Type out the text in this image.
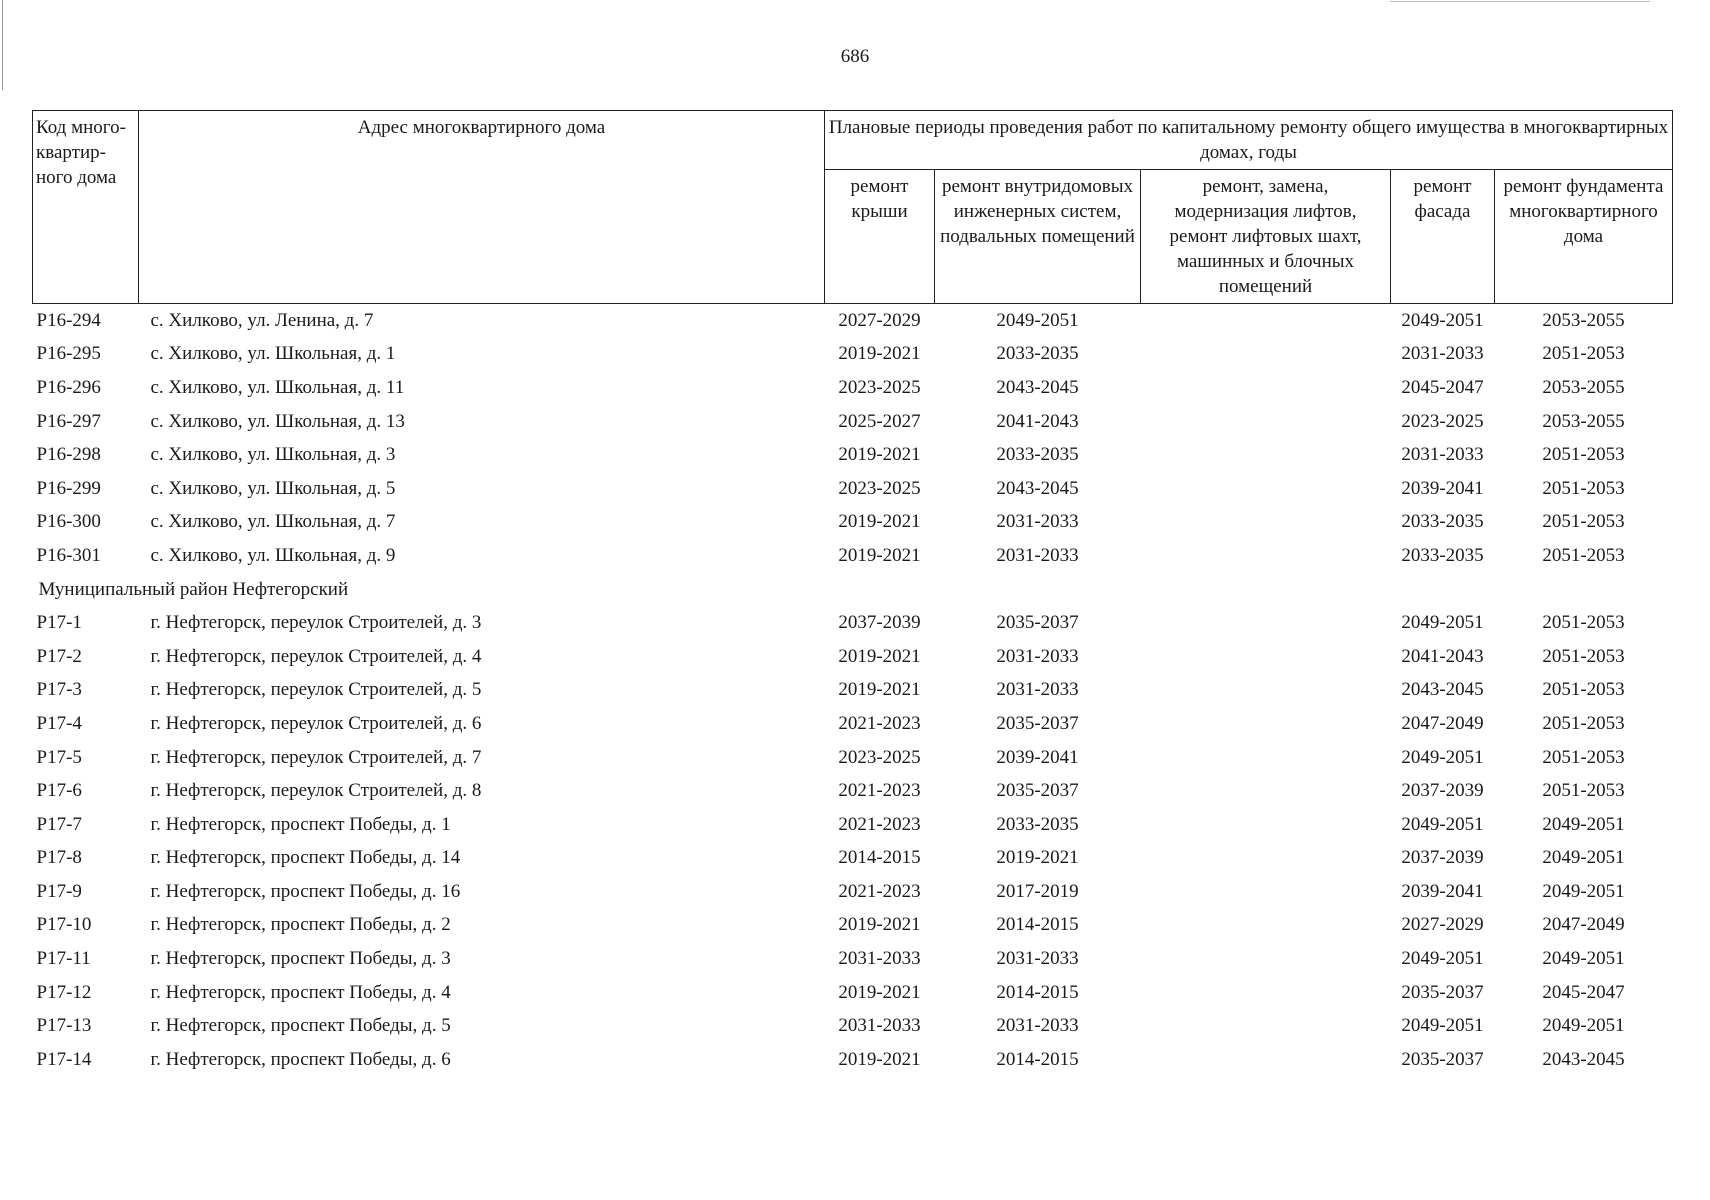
686
Код много-квартир-ного дома	Адрес многоквартирного дома	Плановые периоды проведения работ по капитальному ремонту общего имущества в многоквартирных домах, годы				
		ремонт крыши	ремонт внутридомовых инженерных систем, подвальных помещений	ремонт, замена, модернизация лифтов, ремонт лифтовых шахт, машинных и блочных помещений	ремонт фасада	ремонт фундамента многоквартирного дома
P16-294	с. Хилково, ул. Ленина, д. 7	2027-2029	2049-2051		2049-2051	2053-2055
P16-295	с. Хилково, ул. Школьная, д. 1	2019-2021	2033-2035		2031-2033	2051-2053
P16-296	с. Хилково, ул. Школьная, д. 11	2023-2025	2043-2045		2045-2047	2053-2055
P16-297	с. Хилково, ул. Школьная, д. 13	2025-2027	2041-2043		2023-2025	2053-2055
P16-298	с. Хилково, ул. Школьная, д. 3	2019-2021	2033-2035		2031-2033	2051-2053
P16-299	с. Хилково, ул. Школьная, д. 5	2023-2025	2043-2045		2039-2041	2051-2053
P16-300	с. Хилково, ул. Школьная, д. 7	2019-2021	2031-2033		2033-2035	2051-2053
P16-301	с. Хилково, ул. Школьная, д. 9	2019-2021	2031-2033		2033-2035	2051-2053
Муниципальный район Нефтегорский						
P17-1	г. Нефтегорск, переулок Строителей, д. 3	2037-2039	2035-2037		2049-2051	2051-2053
P17-2	г. Нефтегорск, переулок Строителей, д. 4	2019-2021	2031-2033		2041-2043	2051-2053
P17-3	г. Нефтегорск, переулок Строителей, д. 5	2019-2021	2031-2033		2043-2045	2051-2053
P17-4	г. Нефтегорск, переулок Строителей, д. 6	2021-2023	2035-2037		2047-2049	2051-2053
P17-5	г. Нефтегорск, переулок Строителей, д. 7	2023-2025	2039-2041		2049-2051	2051-2053
P17-6	г. Нефтегорск, переулок Строителей, д. 8	2021-2023	2035-2037		2037-2039	2051-2053
P17-7	г. Нефтегорск, проспект Победы, д. 1	2021-2023	2033-2035		2049-2051	2049-2051
P17-8	г. Нефтегорск, проспект Победы, д. 14	2014-2015	2019-2021		2037-2039	2049-2051
P17-9	г. Нефтегорск, проспект Победы, д. 16	2021-2023	2017-2019		2039-2041	2049-2051
P17-10	г. Нефтегорск, проспект Победы, д. 2	2019-2021	2014-2015		2027-2029	2047-2049
P17-11	г. Нефтегорск, проспект Победы, д. 3	2031-2033	2031-2033		2049-2051	2049-2051
P17-12	г. Нефтегорск, проспект Победы, д. 4	2019-2021	2014-2015		2035-2037	2045-2047
P17-13	г. Нефтегорск, проспект Победы, д. 5	2031-2033	2031-2033		2049-2051	2049-2051
P17-14	г. Нефтегорск, проспект Победы, д. 6	2019-2021	2014-2015		2035-2037	2043-2045
